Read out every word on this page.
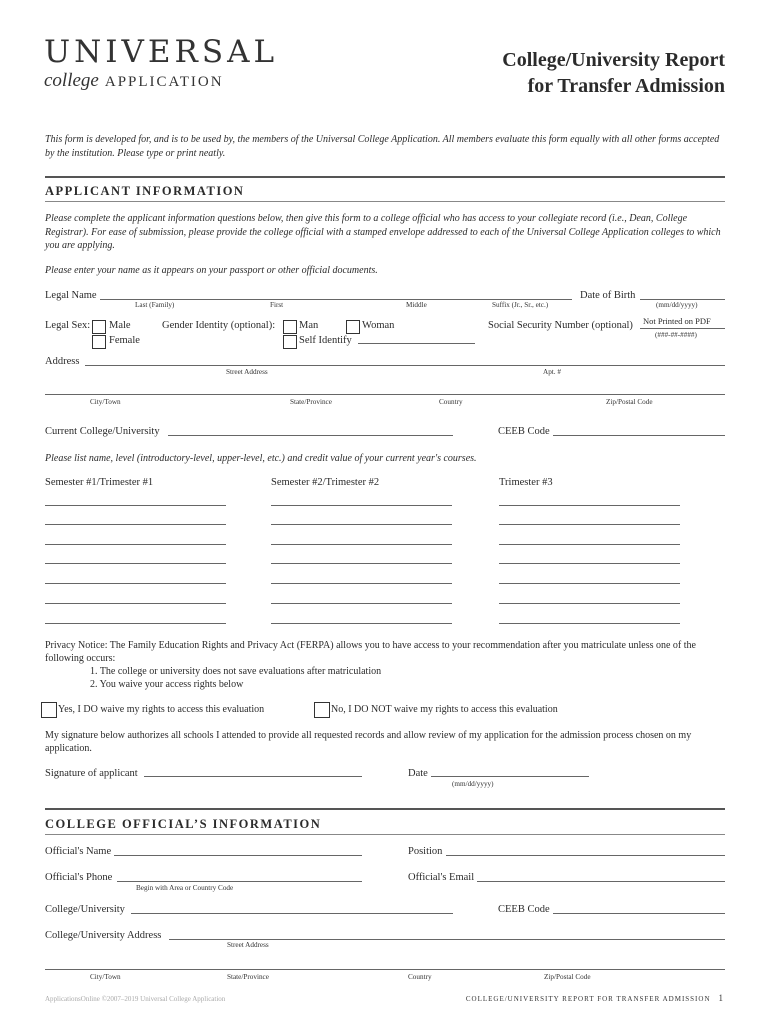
UNIVERSAL
college APPLICATION
College/University Report
for Transfer Admission
This form is developed for, and is to be used by, the members of the Universal College Application. All members evaluate this form equally with all other forms accepted by the institution. Please type or print neatly.
APPLICANT INFORMATION
Please complete the applicant information questions below, then give this form to a college official who has access to your collegiate record (i.e., Dean, College Registrar). For ease of submission, please provide the college official with a stamped envelope addressed to each of the Universal College Application colleges to which you are applying.
Please enter your name as it appears on your passport or other official documents.
Legal Name
Last (Family)	First	Middle	Suffix (Jr., Sr., etc.)
Date of Birth
(mm/dd/yyyy)
Legal Sex: Male
Female
Gender Identity (optional): Man	Woman
Self Identify
Social Security Number (optional) Not Printed on PDF
(###-##-####)
Address
Street Address	Apt. #
City/Town	State/Province	Country	Zip/Postal Code
Current College/University	CEEB Code
Please list name, level (introductory-level, upper-level, etc.) and credit value of your current year's courses.
Semester #1/Trimester #1	Semester #2/Trimester #2	Trimester #3
Privacy Notice: The Family Education Rights and Privacy Act (FERPA) allows you to have access to your recommendation after you matriculate unless one of the following occurs:
1. The college or university does not save evaluations after matriculation
2. You waive your access rights below
Yes, I DO waive my rights to access this evaluation	No, I DO NOT waive my rights to access this evaluation
My signature below authorizes all schools I attended to provide all requested records and allow review of my application for the admission process chosen on my application.
Signature of applicant	Date
(mm/dd/yyyy)
COLLEGE OFFICIAL’S INFORMATION
Official's Name	Position
Official's Phone
Begin with Area or Country Code
Official's Email
College/University	CEEB Code
College/University Address
Street Address
City/Town	State/Province	Country	Zip/Postal Code
ApplicationsOnline ©2007–2019 Universal College Application	COLLEGE/UNIVERSITY REPORT FOR TRANSFER ADMISSION 1
